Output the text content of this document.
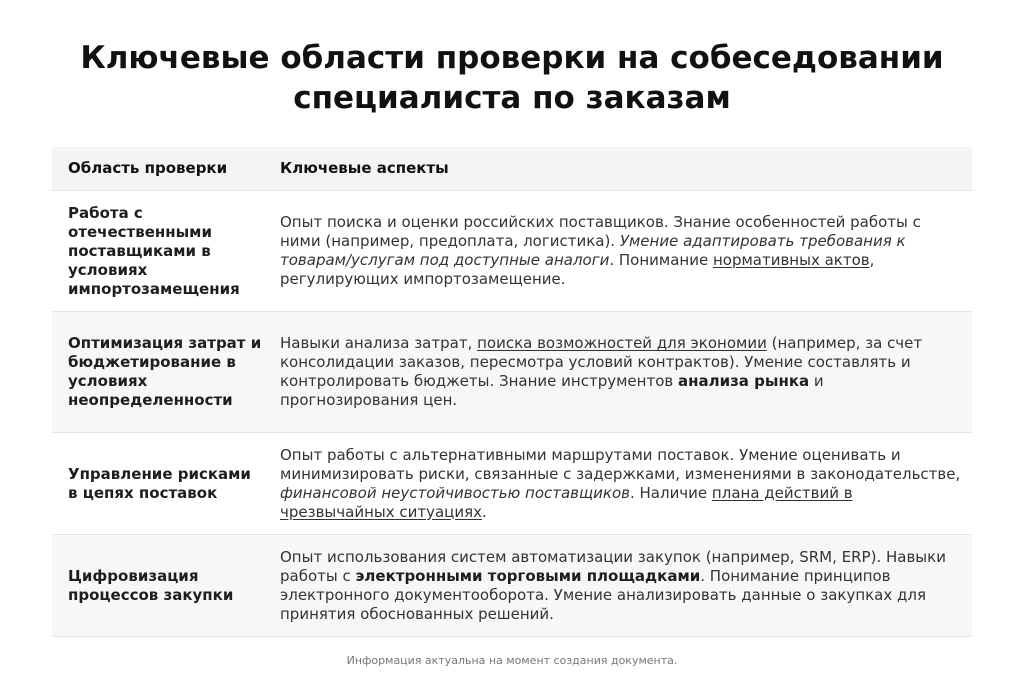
Ключевые области проверки на собеседовании
специалиста по заказам
Область проверки	Ключевые аспекты
Работа с отечественными поставщиками в условиях импортозамещения
Опыт поиска и оценки российских поставщиков. Знание особенностей работы с ними (например, предоплата, логистика). Умение адаптировать требования к товарам/услугам под доступные аналоги. Понимание нормативных актов, регулирующих импортозамещение.
Оптимизация затрат и бюджетирование в условиях неопределенности
Навыки анализа затрат, поиска возможностей для экономии (например, за счет консолидации заказов, пересмотра условий контрактов). Умение составлять и контролировать бюджеты. Знание инструментов анализа рынка и прогнозирования цен.
Управление рисками в цепях поставок
Опыт работы с альтернативными маршрутами поставок. Умение оценивать и минимизировать риски, связанные с задержками, изменениями в законодательстве, финансовой неустойчивостью поставщиков. Наличие плана действий в чрезвычайных ситуациях.
Цифровизация процессов закупки
Опыт использования систем автоматизации закупок (например, SRM, ERP). Навыки работы с электронными торговыми площадками. Понимание принципов электронного документооборота. Умение анализировать данные о закупках для принятия обоснованных решений.
Информация актуальна на момент создания документа.
